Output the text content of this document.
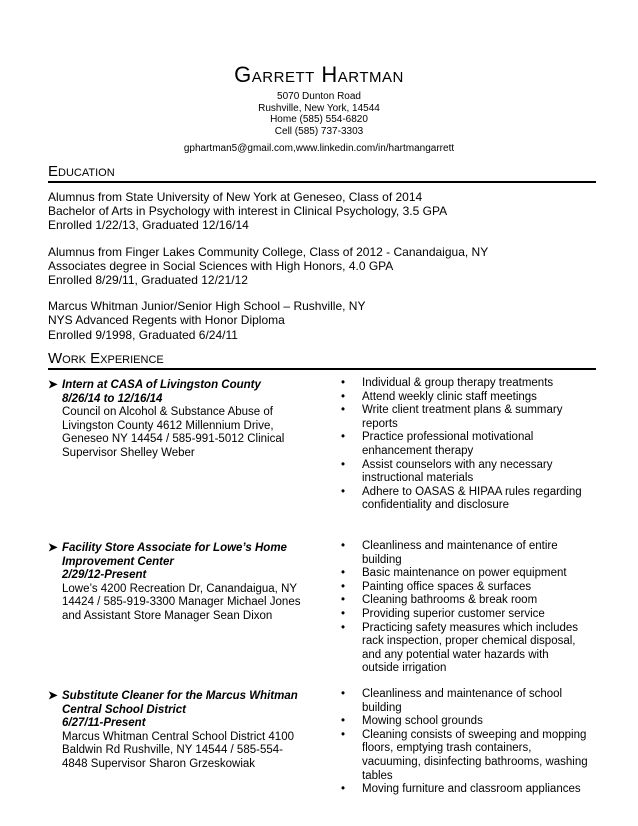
Garrett Hartman
5070 Dunton Road
Rushville, New York, 14544
Home (585) 554-6820
Cell (585) 737-3303
gphartman5@gmail.com,www.linkedin.com/in/hartmangarrett
Education
Alumnus from State University of New York at Geneseo, Class of 2014
Bachelor of Arts in Psychology with interest in Clinical Psychology, 3.5 GPA
Enrolled 1/22/13, Graduated 12/16/14
Alumnus from Finger Lakes Community College, Class of 2012 - Canandaigua, NY
Associates degree in Social Sciences with High Honors, 4.0 GPA
Enrolled 8/29/11, Graduated 12/21/12
Marcus Whitman Junior/Senior High School – Rushville, NY
NYS Advanced Regents with Honor Diploma
Enrolled 9/1998, Graduated 6/24/11
Work Experience
➤ Intern at CASA of Livingston County
8/26/14 to 12/16/14
Council on Alcohol & Substance Abuse of Livingston County 4612 Millennium Drive, Geneseo NY 14454 / 585-991-5012 Clinical Supervisor Shelley Weber
• Individual & group therapy treatments
• Attend weekly clinic staff meetings
• Write client treatment plans & summary reports
• Practice professional motivational enhancement therapy
• Assist counselors with any necessary instructional materials
• Adhere to OASAS & HIPAA rules regarding confidentiality and disclosure
➤ Facility Store Associate for Lowe’s Home Improvement Center
2/29/12-Present
Lowe’s 4200 Recreation Dr, Canandaigua, NY 14424 / 585-919-3300 Manager Michael Jones and Assistant Store Manager Sean Dixon
• Cleanliness and maintenance of entire building
• Basic maintenance on power equipment
• Painting office spaces & surfaces
• Cleaning bathrooms & break room
• Providing superior customer service
• Practicing safety measures which includes rack inspection, proper chemical disposal, and any potential water hazards with outside irrigation
➤ Substitute Cleaner for the Marcus Whitman Central School District
6/27/11-Present
Marcus Whitman Central School District 4100 Baldwin Rd Rushville, NY 14544 / 585-554-4848 Supervisor Sharon Grzeskowiak
• Cleanliness and maintenance of school building
• Mowing school grounds
• Cleaning consists of sweeping and mopping floors, emptying trash containers, vacuuming, disinfecting bathrooms, washing tables
• Moving furniture and classroom appliances
